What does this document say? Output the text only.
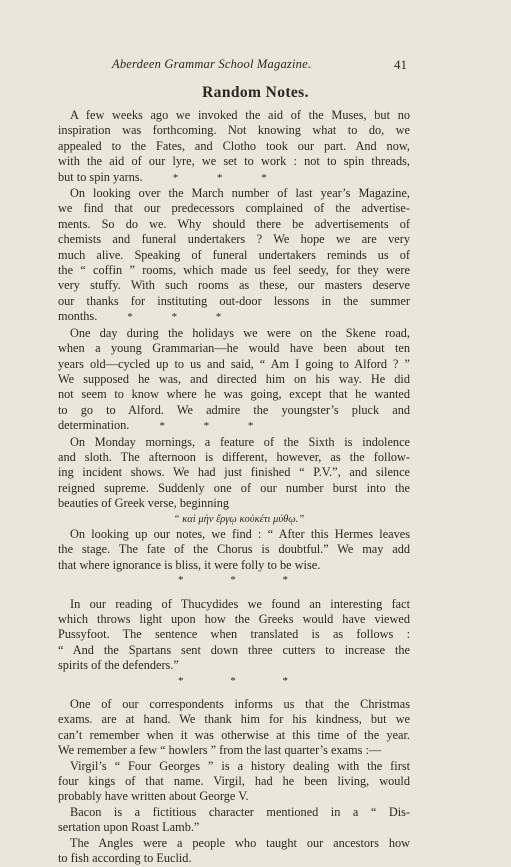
Aberdeen Grammar School Magazine.	41
Random Notes.
A few weeks ago we invoked the aid of the Muses, but no
inspiration was forthcoming. Not knowing what to do, we
appealed to the Fates, and Clotho took our part. And now,
with the aid of our lyre, we set to work : not to spin threads,
but to spin yarns.	* * *
On looking over the March number of last year’s Magazine,
we find that our predecessors complained of the advertise-
ments. So do we. Why should there be advertisements of
chemists and funeral undertakers ? We hope we are very
much alive. Speaking of funeral undertakers reminds us of
the “ coffin ” rooms, which made us feel seedy, for they were
very stuffy. With such rooms as these, our masters deserve
our thanks for instituting out-door lessons in the summer
months.	* * *
One day during the holidays we were on the Skene road,
when a young Grammarian—he would have been about ten
years old—cycled up to us and said, “ Am I going to Alford ? ”
We supposed he was, and directed him on his way. He did
not seem to know where he was going, except that he wanted
to go to Alford. We admire the youngster’s pluck and
determination.	* * *
On Monday mornings, a feature of the Sixth is indolence
and sloth. The afternoon is different, however, as the follow-
ing incident shows. We had just finished “ P.V.”, and silence
reigned supreme. Suddenly one of our number burst into the
beauties of Greek verse, beginning
“ καὶ μὴν ἔργῳ κοὐκέτι μύθῳ.”
On looking up our notes, we find : “ After this Hermes leaves
the stage. The fate of the Chorus is doubtful.” We may add
that where ignorance is bliss, it were folly to be wise.
* * *
In our reading of Thucydides we found an interesting fact
which throws light upon how the Greeks would have viewed
Pussyfoot. The sentence when translated is as follows :
“ And the Spartans sent down three cutters to increase the
spirits of the defenders.”
* * *
One of our correspondents informs us that the Christmas
exams. are at hand. We thank him for his kindness, but we
can’t remember when it was otherwise at this time of the year.
We remember a few “ howlers ” from the last quarter’s exams :—
Virgil’s “ Four Georges ” is a history dealing with the first
four kings of that name. Virgil, had he been living, would
probably have written about George V.
Bacon is a fictitious character mentioned in a “ Dis-
sertation upon Roast Lamb.”
The Angles were a people who taught our ancestors how
to fish according to Euclid.
